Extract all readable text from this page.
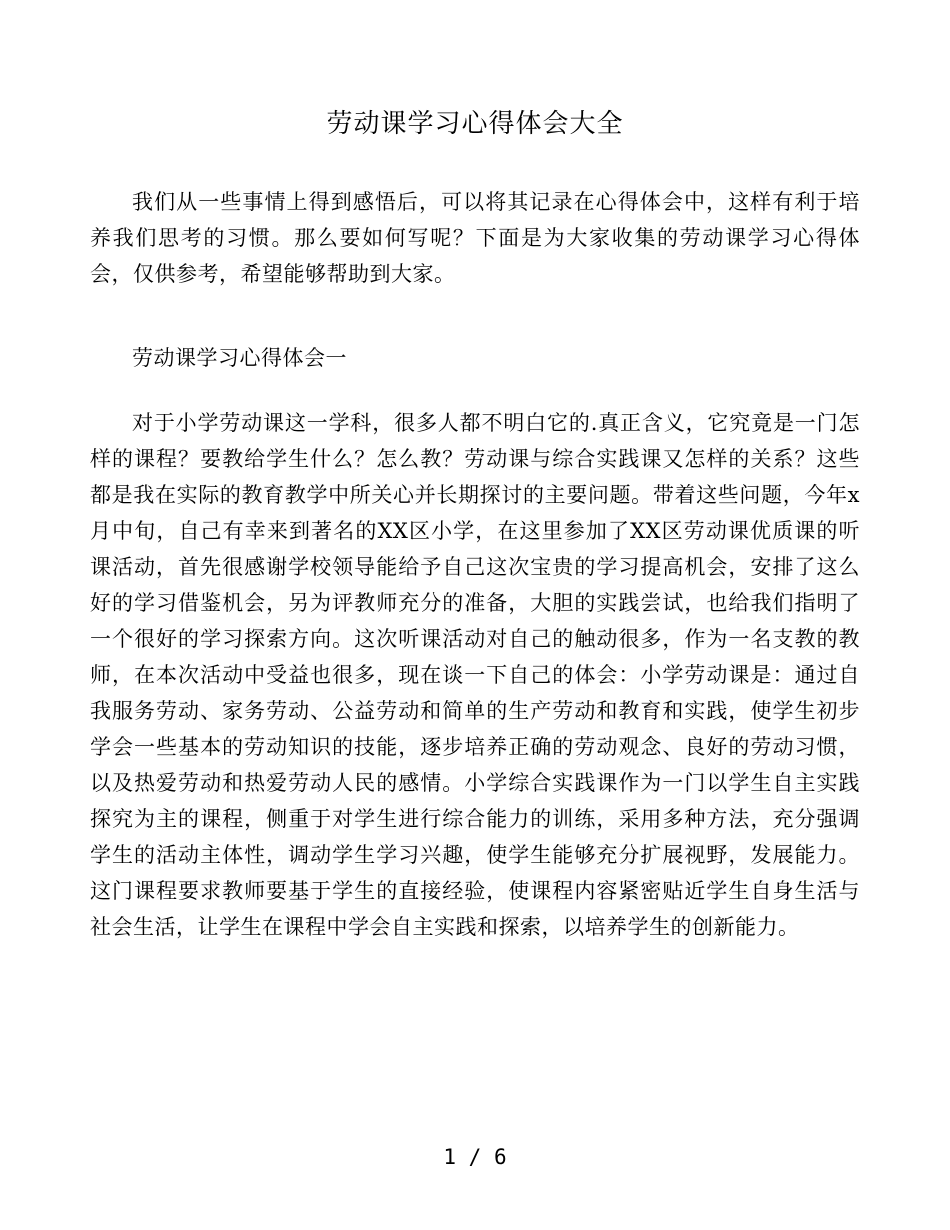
劳动课学习心得体会大全

我们从一些事情上得到感悟后，可以将其记录在心得体会中，这样有利于培养我们思考的习惯。那么要如何写呢？下面是为大家收集的劳动课学习心得体会，仅供参考，希望能够帮助到大家。

劳动课学习心得体会一

对于小学劳动课这一学科，很多人都不明白它的.真正含义，它究竟是一门怎样的课程？要教给学生什么？怎么教？劳动课与综合实践课又怎样的关系？这些都是我在实际的教育教学中所关心并长期探讨的主要问题。带着这些问题，今年x月中旬，自己有幸来到著名的XX区小学，在这里参加了XX区劳动课优质课的听课活动，首先很感谢学校领导能给予自己这次宝贵的学习提高机会，安排了这么好的学习借鉴机会，另为评教师充分的准备，大胆的实践尝试，也给我们指明了一个很好的学习探索方向。这次听课活动对自己的触动很多，作为一名支教的教师，在本次活动中受益也很多，现在谈一下自己的体会：小学劳动课是：通过自我服务劳动、家务劳动、公益劳动和简单的生产劳动和教育和实践，使学生初步学会一些基本的劳动知识的技能，逐步培养正确的劳动观念、良好的劳动习惯，以及热爱劳动和热爱劳动人民的感情。小学综合实践课作为一门以学生自主实践探究为主的课程，侧重于对学生进行综合能力的训练，采用多种方法，充分强调学生的活动主体性，调动学生学习兴趣，使学生能够充分扩展视野，发展能力。这门课程要求教师要基于学生的直接经验，使课程内容紧密贴近学生自身生活与社会生活，让学生在课程中学会自主实践和探索，以培养学生的创新能力。

1 / 6
